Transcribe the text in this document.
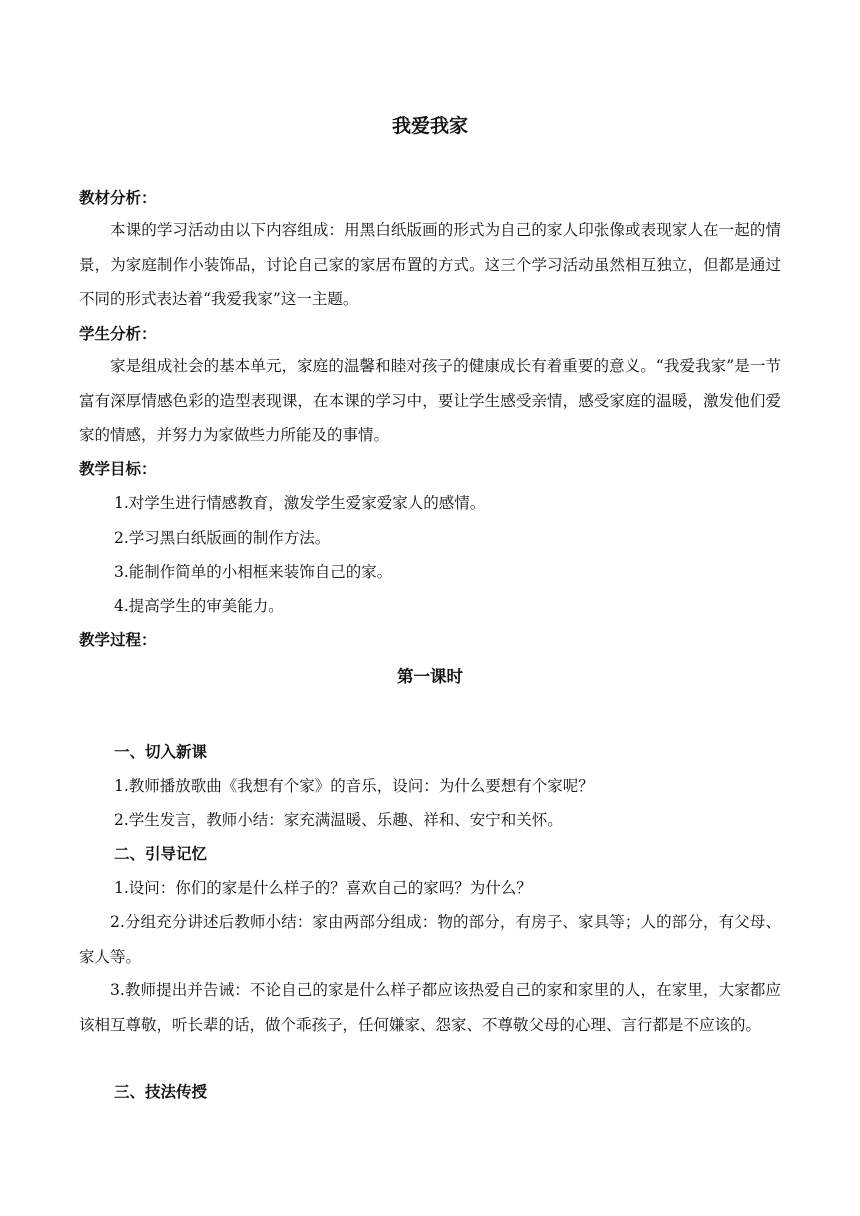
我爱我家
教材分析：

本课的学习活动由以下内容组成：用黑白纸版画的形式为自己的家人印张像或表现家人在一起的情景，为家庭制作小装饰品，讨论自己家的家居布置的方式。这三个学习活动虽然相互独立，但都是通过不同的形式表达着“我爱我家”这一主题。

学生分析：

家是组成社会的基本单元，家庭的温馨和睦对孩子的健康成长有着重要的意义。“我爱我家”是一节富有深厚情感色彩的造型表现课，在本课的学习中，要让学生感受亲情，感受家庭的温暖，激发他们爱家的情感，并努力为家做些力所能及的事情。

教学目标：
1.对学生进行情感教育，激发学生爱家爱家人的感情。
2.学习黑白纸版画的制作方法。
3.能制作简单的小相框来装饰自己的家。
4.提高学生的审美能力。
教学过程：
第一课时
一、切入新课
1.教师播放歌曲《我想有个家》的音乐，设问：为什么要想有个家呢？
2.学生发言，教师小结：家充满温暖、乐趣、祥和、安宁和关怀。
二、引导记忆
1.设问：你们的家是什么样子的？喜欢自己的家吗？为什么？

2.分组充分讲述后教师小结：家由两部分组成：物的部分，有房子、家具等；人的部分，有父母、家人等。

3.教师提出并告诫：不论自己的家是什么样子都应该热爱自己的家和家里的人，在家里，大家都应该相互尊敬，听长辈的话，做个乖孩子，任何嫌家、怨家、不尊敬父母的心理、言行都是不应该的。

三、技法传授
